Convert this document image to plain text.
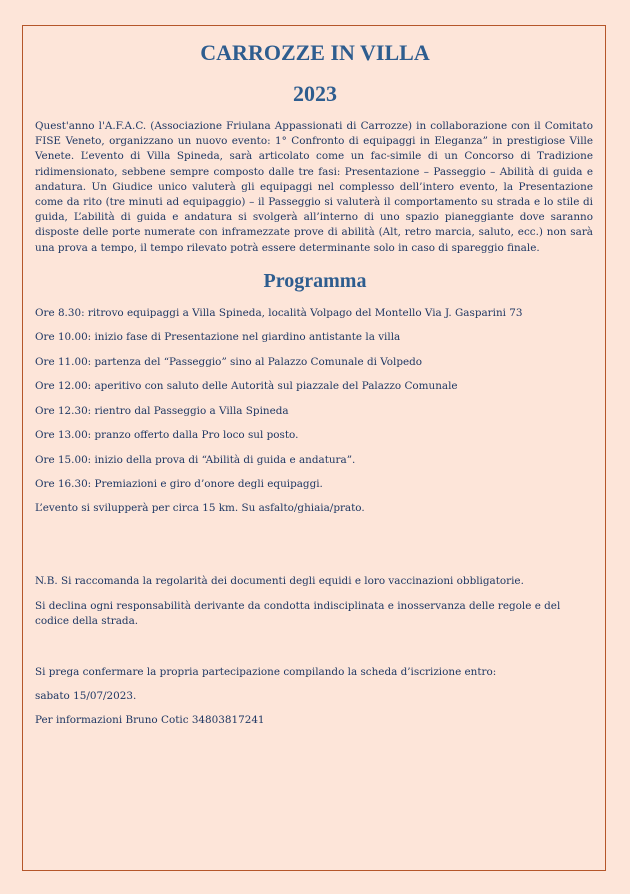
CARROZZE IN VILLA
2023

Quest'anno l'A.F.A.C. (Associazione Friulana Appassionati di Carrozze) in collaborazione con il Comitato FISE Veneto, organizzano un nuovo evento: 1° Confronto di equipaggi in Eleganza” in prestigiose Ville Venete. L’evento di Villa Spineda, sarà articolato come un fac-simile di un Concorso di Tradizione ridimensionato, sebbene sempre composto dalle tre fasi: Presentazione – Passeggio – Abilità di guida e andatura. Un Giudice unico valuterà gli equipaggi nel complesso dell’intero evento, la Presentazione come da rito (tre minuti ad equipaggio) – il Passeggio si valuterà il comportamento su strada e lo stile di guida, L’abilità di guida e andatura si svolgerà all’interno di uno spazio pianeggiante dove saranno disposte delle porte numerate con inframezzate prove di abilità (Alt, retro marcia, saluto, ecc.) non sarà una prova a tempo, il tempo rilevato potrà essere determinante solo in caso di spareggio finale.

Programma

Ore 8.30: ritrovo equipaggi a Villa Spineda, località Volpago del Montello Via J. Gasparini 73

Ore 10.00: inizio fase di Presentazione nel giardino antistante la villa

Ore 11.00: partenza del “Passeggio” sino al Palazzo Comunale di Volpedo

Ore 12.00: aperitivo con saluto delle Autorità sul piazzale del Palazzo Comunale

Ore 12.30: rientro dal Passeggio a Villa Spineda

Ore 13.00: pranzo offerto dalla Pro loco sul posto.

Ore 15.00: inizio della prova di “Abilità di guida e andatura”.

Ore 16.30: Premiazioni e giro d’onore degli equipaggi.

L’evento si svilupperà per circa 15 km. Su asfalto/ghiaia/prato.

N.B. Si raccomanda la regolarità dei documenti degli equidi e loro vaccinazioni obbligatorie.

Si declina ogni responsabilità derivante da condotta indisciplinata e inosservanza delle regole e del codice della strada.

Si prega confermare la propria partecipazione compilando la scheda d’iscrizione entro:

sabato 15/07/2023.

Per informazioni Bruno Cotic 34803817241
